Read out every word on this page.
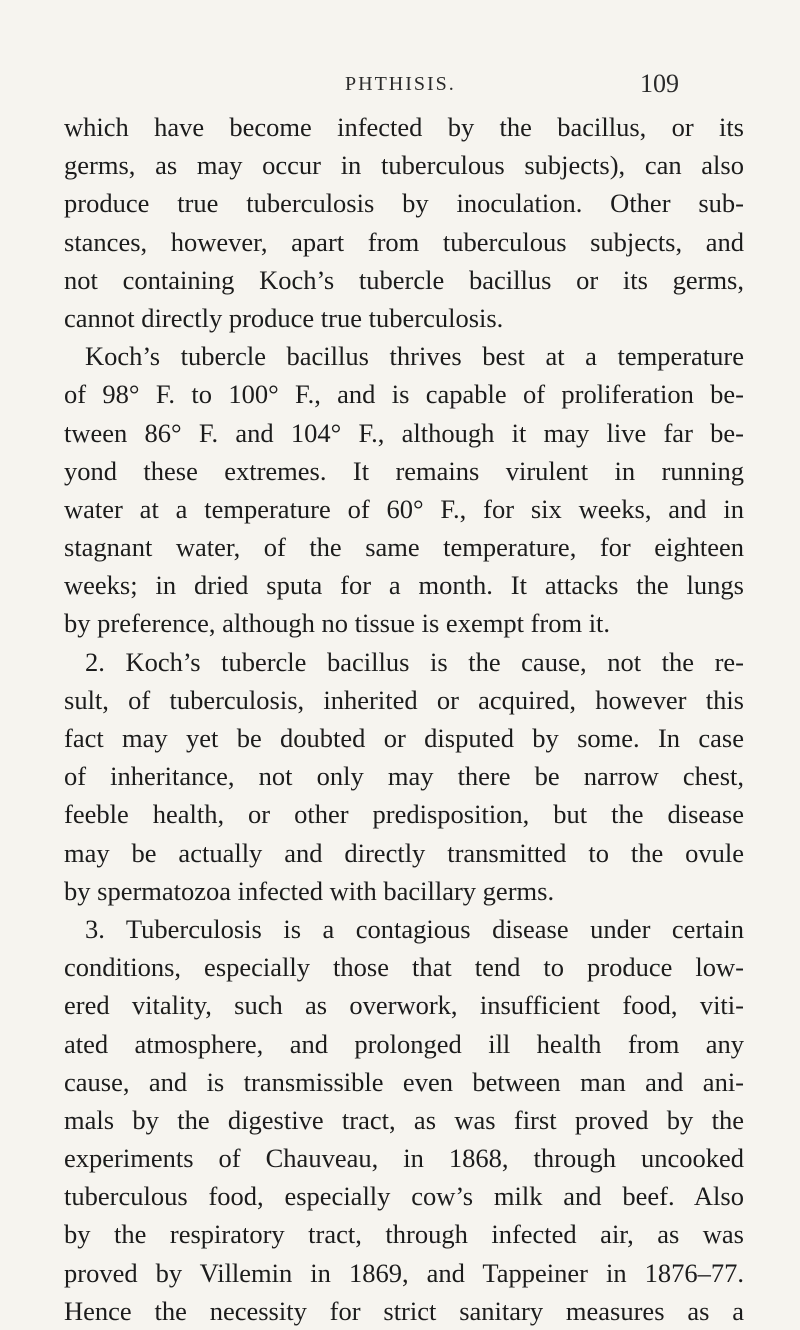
PHTHISIS.	109
which have become infected by the bacillus, or its
germs, as may occur in tuberculous subjects), can also
produce true tuberculosis by inoculation. Other sub-
stances, however, apart from tuberculous subjects, and
not containing Koch’s tubercle bacillus or its germs,
cannot directly produce true tuberculosis.
Koch’s tubercle bacillus thrives best at a temperature
of 98° F. to 100° F., and is capable of proliferation be-
tween 86° F. and 104° F., although it may live far be-
yond these extremes. It remains virulent in running
water at a temperature of 60° F., for six weeks, and in
stagnant water, of the same temperature, for eighteen
weeks; in dried sputa for a month. It attacks the lungs
by preference, although no tissue is exempt from it.
2. Koch’s tubercle bacillus is the cause, not the re-
sult, of tuberculosis, inherited or acquired, however this
fact may yet be doubted or disputed by some. In case
of inheritance, not only may there be narrow chest,
feeble health, or other predisposition, but the disease
may be actually and directly transmitted to the ovule
by spermatozoa infected with bacillary germs.
3. Tuberculosis is a contagious disease under certain
conditions, especially those that tend to produce low-
ered vitality, such as overwork, insufficient food, viti-
ated atmosphere, and prolonged ill health from any
cause, and is transmissible even between man and ani-
mals by the digestive tract, as was first proved by the
experiments of Chauveau, in 1868, through uncooked
tuberculous food, especially cow’s milk and beef. Also
by the respiratory tract, through infected air, as was
proved by Villemin in 1869, and Tappeiner in 1876–77.
Hence the necessity for strict sanitary measures as a
